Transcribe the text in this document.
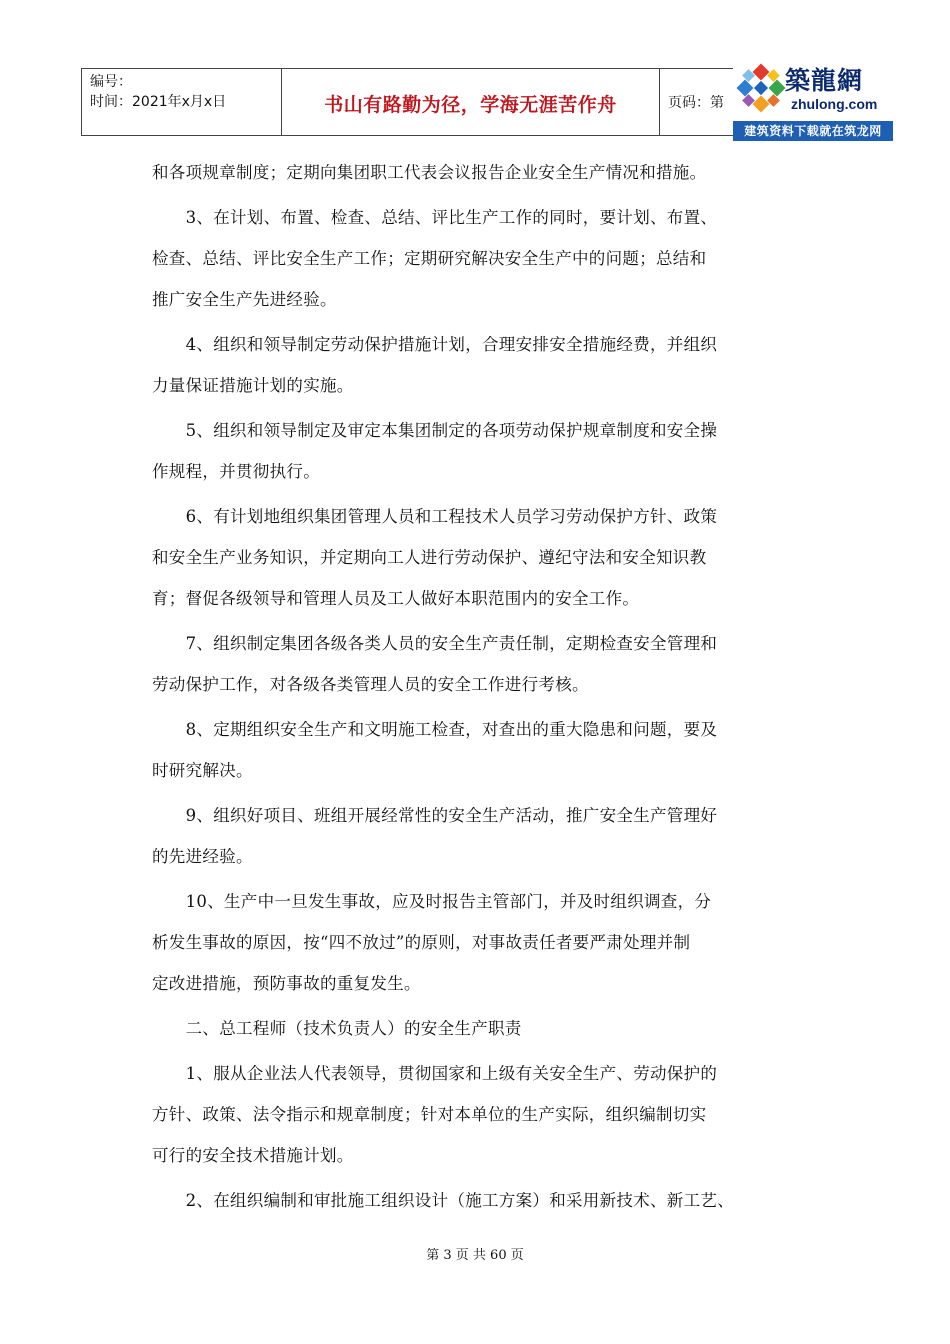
编号：
时间：2021年x月x日	书山有路勤为径，学海无涯苦作舟	页码：第
築龍網
zhulong.com
建筑资料下载就在筑龙网
和各项规章制度；定期向集团职工代表会议报告企业安全生产情况和措施。
　　3、在计划、布置、检查、总结、评比生产工作的同时，要计划、布置、
检查、总结、评比安全生产工作；定期研究解决安全生产中的问题；总结和
推广安全生产先进经验。
　　4、组织和领导制定劳动保护措施计划，合理安排安全措施经费，并组织
力量保证措施计划的实施。
　　5、组织和领导制定及审定本集团制定的各项劳动保护规章制度和安全操
作规程，并贯彻执行。
　　6、有计划地组织集团管理人员和工程技术人员学习劳动保护方针、政策
和安全生产业务知识，并定期向工人进行劳动保护、遵纪守法和安全知识教
育；督促各级领导和管理人员及工人做好本职范围内的安全工作。
　　7、组织制定集团各级各类人员的安全生产责任制，定期检查安全管理和
劳动保护工作，对各级各类管理人员的安全工作进行考核。
　　8、定期组织安全生产和文明施工检查，对查出的重大隐患和问题，要及
时研究解决。
　　9、组织好项目、班组开展经常性的安全生产活动，推广安全生产管理好
的先进经验。
　　10、生产中一旦发生事故，应及时报告主管部门，并及时组织调查，分
析发生事故的原因，按“四不放过”的原则，对事故责任者要严肃处理并制
定改进措施，预防事故的重复发生。
　　二、总工程师（技术负责人）的安全生产职责
　　1、服从企业法人代表领导，贯彻国家和上级有关安全生产、劳动保护的
方针、政策、法令指示和规章制度；针对本单位的生产实际，组织编制切实
可行的安全技术措施计划。
　　2、在组织编制和审批施工组织设计（施工方案）和采用新技术、新工艺、
第 3 页 共 60 页
